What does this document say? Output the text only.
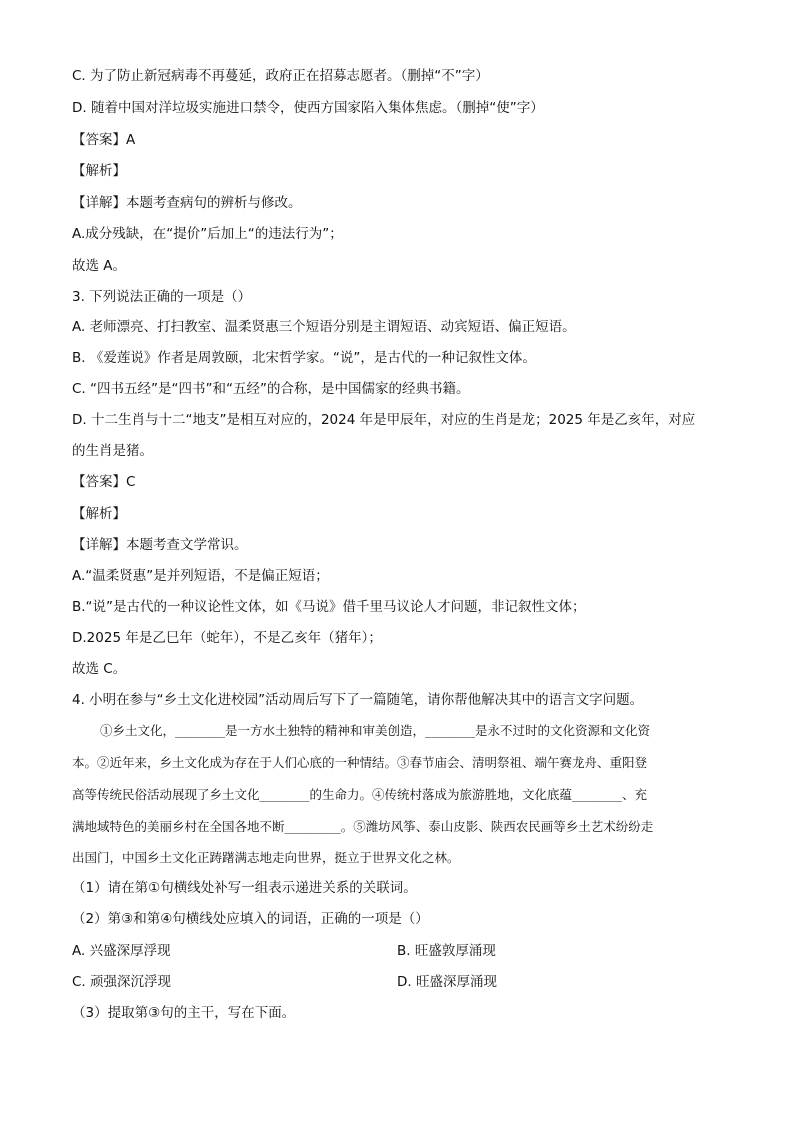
C. 为了防止新冠病毒不再蔓延，政府正在招募志愿者。（删掉“不”字）
D. 随着中国对洋垃圾实施进口禁令，使西方国家陷入集体焦虑。（删掉“使”字）
【答案】A
【解析】
【详解】本题考查病句的辨析与修改。
A.成分残缺，在“提价”后加上“的违法行为”；
故选 A。
3. 下列说法正确的一项是（）
A. 老师漂亮、打扫教室、温柔贤惠三个短语分别是主谓短语、动宾短语、偏正短语。
B. 《爱莲说》作者是周敦颐，北宋哲学家。“说”，是古代的一种记叙性文体。
C. “四书五经”是“四书”和“五经”的合称，是中国儒家的经典书籍。
D. 十二生肖与十二“地支”是相互对应的，2024 年是甲辰年，对应的生肖是龙；2025 年是乙亥年，对应
的生肖是猪。
【答案】C
【解析】
【详解】本题考查文学常识。
A.“温柔贤惠”是并列短语，不是偏正短语；
B.“说”是古代的一种议论性文体，如《马说》借千里马议论人才问题，非记叙性文体；
D.2025 年是乙巳年（蛇年），不是乙亥年（猪年）；
故选 C。
4. 小明在参与“乡土文化进校园”活动周后写下了一篇随笔，请你帮他解决其中的语言文字问题。
①乡土文化，________是一方水土独特的精神和审美创造，________是永不过时的文化资源和文化资
本。②近年来，乡土文化成为存在于人们心底的一种情结。③春节庙会、清明祭祖、端午赛龙舟、重阳登
高等传统民俗活动展现了乡土文化________的生命力。④传统村落成为旅游胜地，文化底蕴________、充
满地域特色的美丽乡村在全国各地不断_________。⑤潍坊风筝、泰山皮影、陕西农民画等乡土艺术纷纷走
出国门，中国乡土文化正踌躇满志地走向世界，挺立于世界文化之林。
（1）请在第①句横线处补写一组表示递进关系的关联词。
（2）第③和第④句横线处应填入的词语，正确的一项是（）
A. 兴盛深厚浮现	B. 旺盛敦厚涌现
C. 顽强深沉浮现	D. 旺盛深厚涌现
（3）提取第③句的主干，写在下面。
